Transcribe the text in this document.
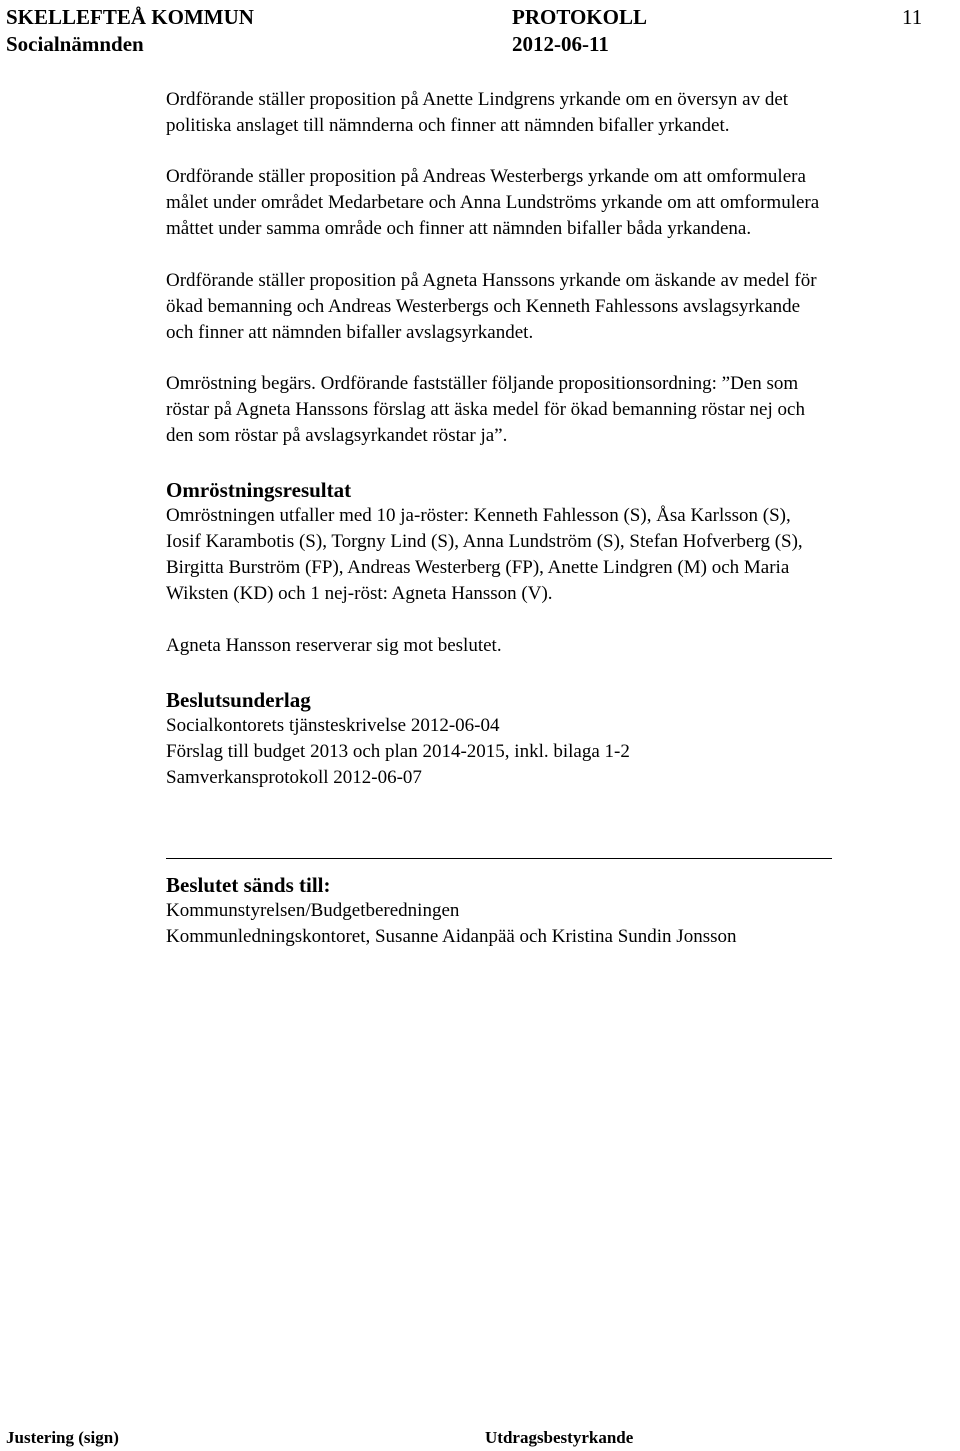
SKELLEFTEÅ KOMMUN
Socialnämnden
PROTOKOLL
2012-06-11
11

Ordförande ställer proposition på Anette Lindgrens yrkande om en översyn av det
politiska anslaget till nämnderna och finner att nämnden bifaller yrkandet.

Ordförande ställer proposition på Andreas Westerbergs yrkande om att omformulera
målet under området Medarbetare och Anna Lundströms yrkande om att omformulera
måttet under samma område och finner att nämnden bifaller båda yrkandena.

Ordförande ställer proposition på Agneta Hanssons yrkande om äskande av medel för
ökad bemanning och Andreas Westerbergs och Kenneth Fahlessons avslagsyrkande
och finner att nämnden bifaller avslagsyrkandet.

Omröstning begärs. Ordförande fastställer följande propositionsordning: ”Den som
röstar på Agneta Hanssons förslag att äska medel för ökad bemanning röstar nej och
den som röstar på avslagsyrkandet röstar ja”.

Omröstningsresultat

Omröstningen utfaller med 10 ja-röster: Kenneth Fahlesson (S), Åsa Karlsson (S),
Iosif Karambotis (S), Torgny Lind (S), Anna Lundström (S), Stefan Hofverberg (S),
Birgitta Burström (FP), Andreas Westerberg (FP), Anette Lindgren (M) och Maria
Wiksten (KD) och 1 nej-röst: Agneta Hansson (V).

Agneta Hansson reserverar sig mot beslutet.

Beslutsunderlag

Socialkontorets tjänsteskrivelse 2012-06-04
Förslag till budget 2013 och plan 2014-2015, inkl. bilaga 1-2
Samverkansprotokoll 2012-06-07

Beslutet sänds till:

Kommunstyrelsen/Budgetberedningen
Kommunledningskontoret, Susanne Aidanpää och Kristina Sundin Jonsson

Justering (sign)	Utdragsbestyrkande
